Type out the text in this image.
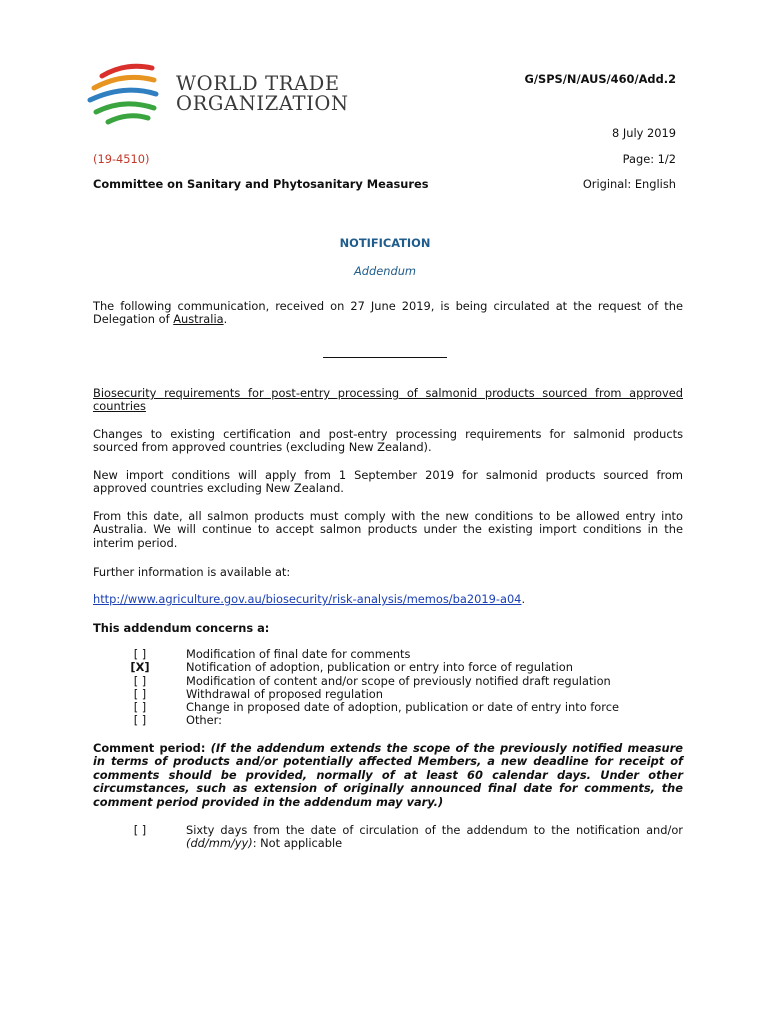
WORLD TRADE
ORGANIZATION
G/SPS/N/AUS/460/Add.2
8 July 2019
(19-4510)	Page: 1/2
Committee on Sanitary and Phytosanitary Measures	Original: English
NOTIFICATION
Addendum
The following communication, received on 27 June 2019, is being circulated at the request of the
Delegation of Australia.
Biosecurity requirements for post-entry processing of salmonid products sourced from approved
countries
Changes to existing certification and post-entry processing requirements for salmonid products
sourced from approved countries (excluding New Zealand).
New import conditions will apply from 1 September 2019 for salmonid products sourced from
approved countries excluding New Zealand.
From this date, all salmon products must comply with the new conditions to be allowed entry into
Australia. We will continue to accept salmon products under the existing import conditions in the
interim period.
Further information is available at:
http://www.agriculture.gov.au/biosecurity/risk-analysis/memos/ba2019-a04.
This addendum concerns a:
[ ]	Modification of final date for comments
[X]	Notification of adoption, publication or entry into force of regulation
[ ]	Modification of content and/or scope of previously notified draft regulation
[ ]	Withdrawal of proposed regulation
[ ]	Change in proposed date of adoption, publication or date of entry into force
[ ]	Other:
Comment period: (If the addendum extends the scope of the previously notified measure
in terms of products and/or potentially affected Members, a new deadline for receipt of
comments should be provided, normally of at least 60 calendar days. Under other
circumstances, such as extension of originally announced final date for comments, the
comment period provided in the addendum may vary.)
[ ]	Sixty days from the date of circulation of the addendum to the notification and/or
(dd/mm/yy): Not applicable
